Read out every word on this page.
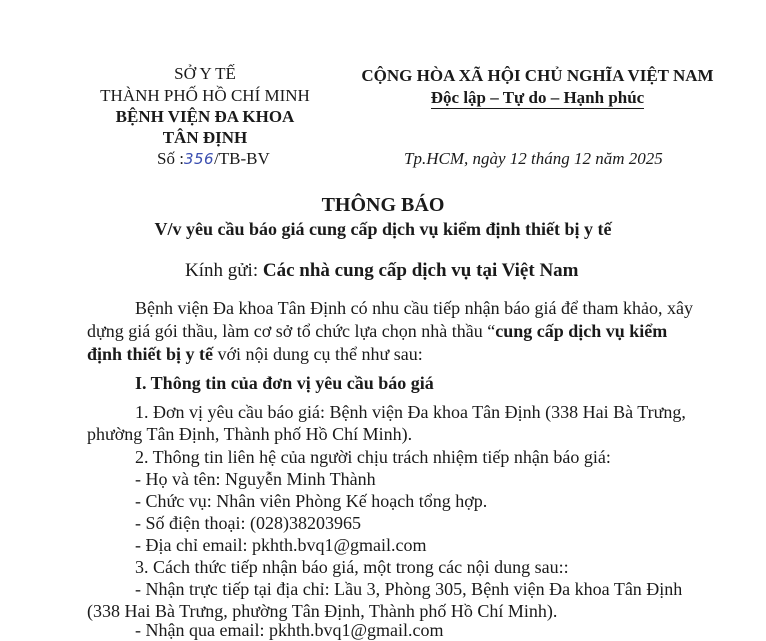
SỞ Y TẾ
THÀNH PHỐ HỒ CHÍ MINH
BỆNH VIỆN ĐA KHOA
TÂN ĐỊNH
Số :356/TB-BV
CỘNG HÒA XÃ HỘI CHỦ NGHĨA VIỆT NAM
Độc lập – Tự do – Hạnh phúc
Tp.HCM, ngày 12 tháng 12 năm 2025
THÔNG BÁO
V/v yêu cầu báo giá cung cấp dịch vụ kiểm định thiết bị y tế
Kính gửi: Các nhà cung cấp dịch vụ tại Việt Nam
Bệnh viện Đa khoa Tân Định có nhu cầu tiếp nhận báo giá để tham khảo, xây
dựng giá gói thầu, làm cơ sở tổ chức lựa chọn nhà thầu “cung cấp dịch vụ kiểm
định thiết bị y tế với nội dung cụ thể như sau:
I. Thông tin của đơn vị yêu cầu báo giá
1. Đơn vị yêu cầu báo giá: Bệnh viện Đa khoa Tân Định (338 Hai Bà Trưng,
phường Tân Định, Thành phố Hồ Chí Minh).
2. Thông tin liên hệ của người chịu trách nhiệm tiếp nhận báo giá:
- Họ và tên: Nguyễn Minh Thành
- Chức vụ: Nhân viên Phòng Kế hoạch tổng hợp.
- Số điện thoại: (028)38203965
- Địa chỉ email: pkhth.bvq1@gmail.com
3. Cách thức tiếp nhận báo giá, một trong các nội dung sau::
- Nhận trực tiếp tại địa chỉ: Lầu 3, Phòng 305, Bệnh viện Đa khoa Tân Định
(338 Hai Bà Trưng, phường Tân Định, Thành phố Hồ Chí Minh).
- Nhận qua email: pkhth.bvq1@gmail.com
